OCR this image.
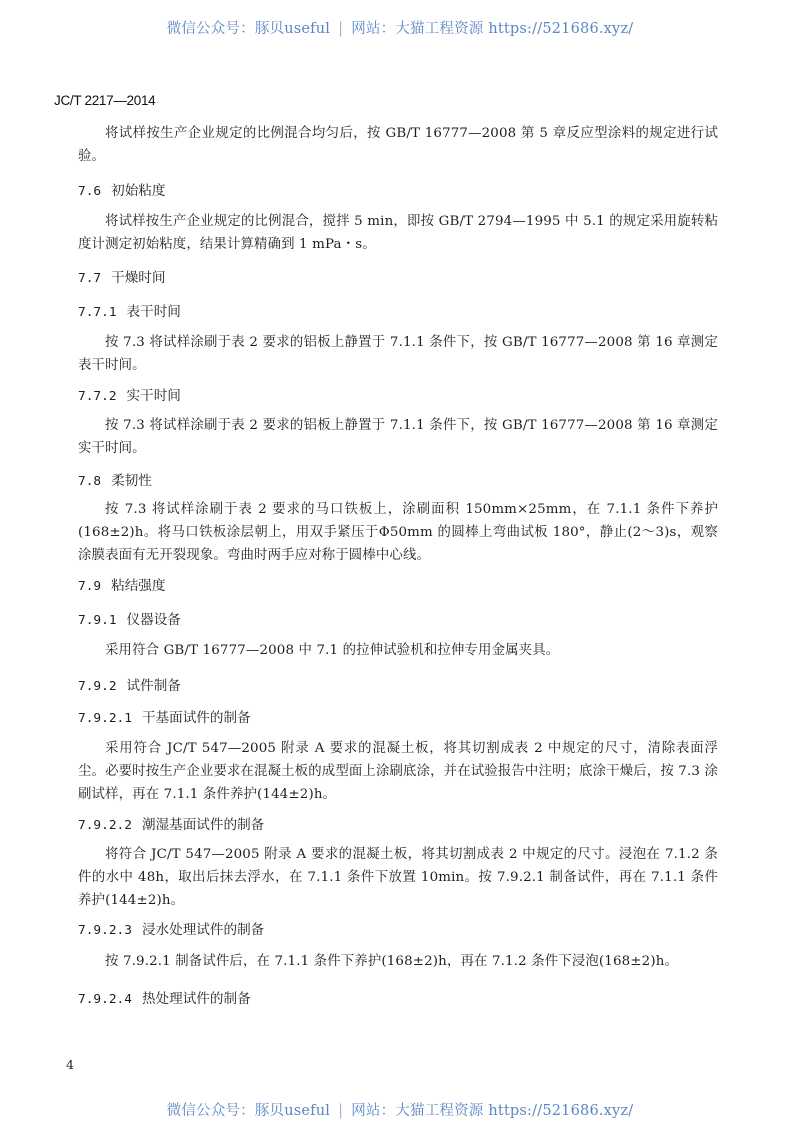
微信公众号：豚贝useful | 网站：大猫工程资源 https://521686.xyz/
JC/T 2217—2014
将试样按生产企业规定的比例混合均匀后，按 GB/T 16777—2008 第 5 章反应型涂料的规定进行试验。
7.6 初始粘度
将试样按生产企业规定的比例混合，搅拌 5 min，即按 GB/T 2794—1995 中 5.1 的规定采用旋转粘度计测定初始粘度，结果计算精确到 1 mPa・s。
7.7 干燥时间
7.7.1 表干时间
按 7.3 将试样涂刷于表 2 要求的铝板上静置于 7.1.1 条件下，按 GB/T 16777—2008 第 16 章测定表干时间。
7.7.2 实干时间
按 7.3 将试样涂刷于表 2 要求的铝板上静置于 7.1.1 条件下，按 GB/T 16777—2008 第 16 章测定实干时间。
7.8 柔韧性
按 7.3 将试样涂刷于表 2 要求的马口铁板上，涂刷面积 150mm×25mm，在 7.1.1 条件下养护(168±2)h。将马口铁板涂层朝上，用双手紧压于Φ50mm 的圆棒上弯曲试板 180°，静止(2～3)s，观察涂膜表面有无开裂现象。弯曲时两手应对称于圆棒中心线。
7.9 粘结强度
7.9.1 仪器设备
采用符合 GB/T 16777—2008 中 7.1 的拉伸试验机和拉伸专用金属夹具。
7.9.2 试件制备
7.9.2.1 干基面试件的制备
采用符合 JC/T 547—2005 附录 A 要求的混凝土板，将其切割成表 2 中规定的尺寸，清除表面浮尘。必要时按生产企业要求在混凝土板的成型面上涂刷底涂，并在试验报告中注明；底涂干燥后，按 7.3 涂刷试样，再在 7.1.1 条件养护(144±2)h。
7.9.2.2 潮湿基面试件的制备
将符合 JC/T 547—2005 附录 A 要求的混凝土板，将其切割成表 2 中规定的尺寸。浸泡在 7.1.2 条件的水中 48h，取出后抹去浮水，在 7.1.1 条件下放置 10min。按 7.9.2.1 制备试件，再在 7.1.1 条件养护(144±2)h。
7.9.2.3 浸水处理试件的制备
按 7.9.2.1 制备试件后，在 7.1.1 条件下养护(168±2)h，再在 7.1.2 条件下浸泡(168±2)h。
7.9.2.4 热处理试件的制备
4
微信公众号：豚贝useful | 网站：大猫工程资源 https://521686.xyz/
